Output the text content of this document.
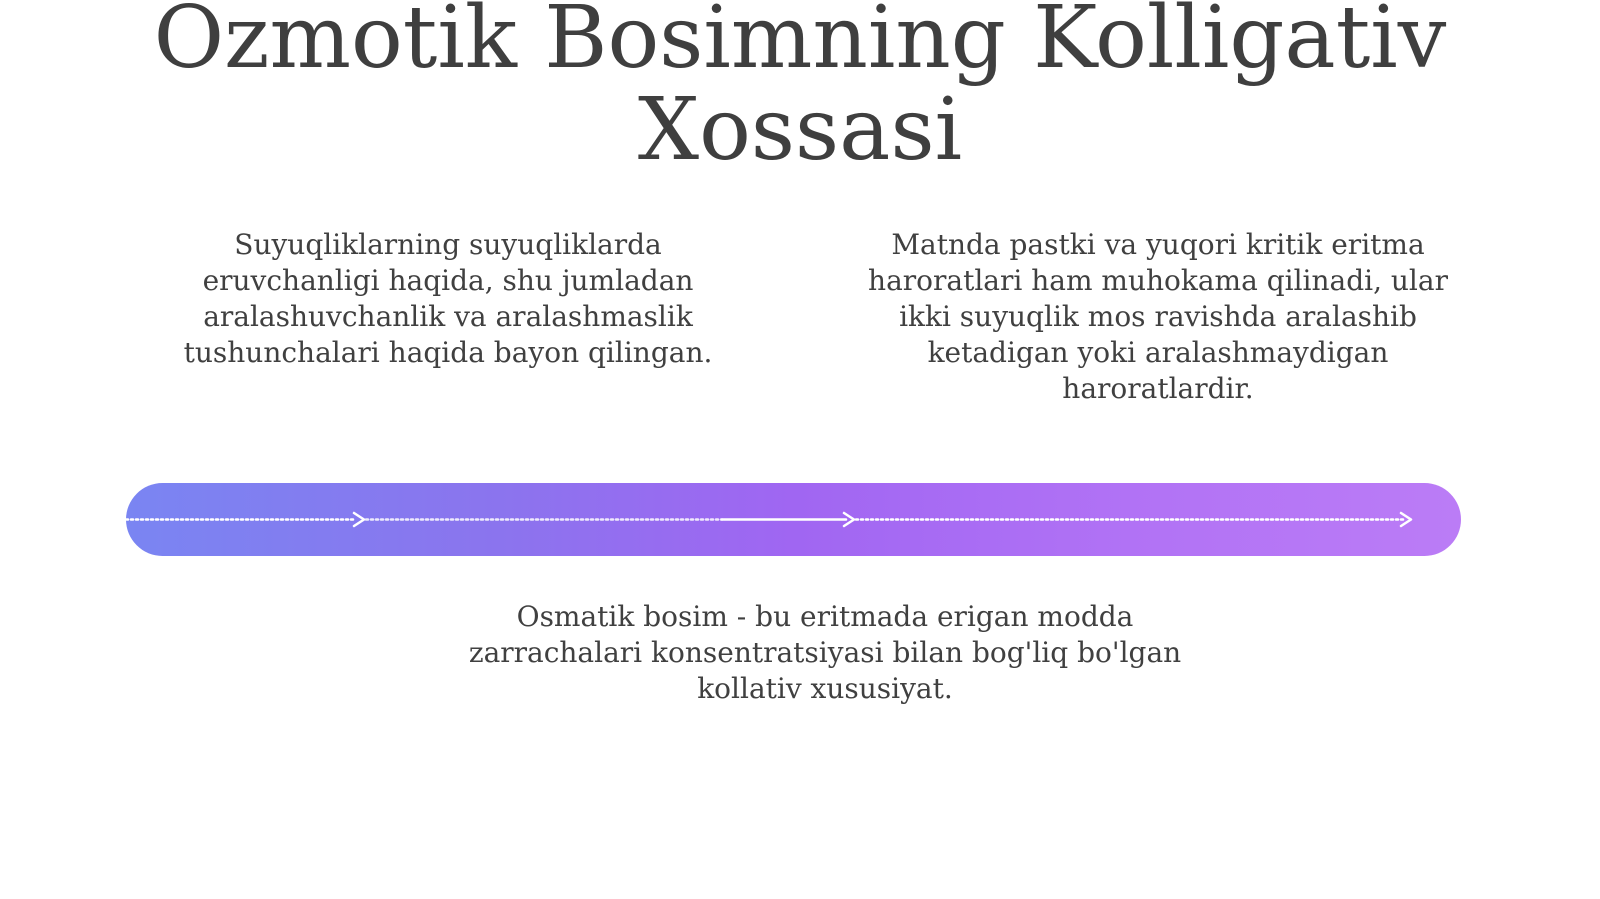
Ozmotik Bosimning Kolligativ Xossasi

Suyuqliklarning suyuqliklarda eruvchanligi haqida, shu jumladan aralashuvchanlik va aralashmaslik tushunchalari haqida bayon qilingan.

Matnda pastki va yuqori kritik eritma haroratlari ham muhokama qilinadi, ular ikki suyuqlik mos ravishda aralashib ketadigan yoki aralashmaydigan haroratlardir.

Osmatik bosim - bu eritmada erigan modda zarrachalari konsentratsiyasi bilan bog'liq bo'lgan kollativ xususiyat.
